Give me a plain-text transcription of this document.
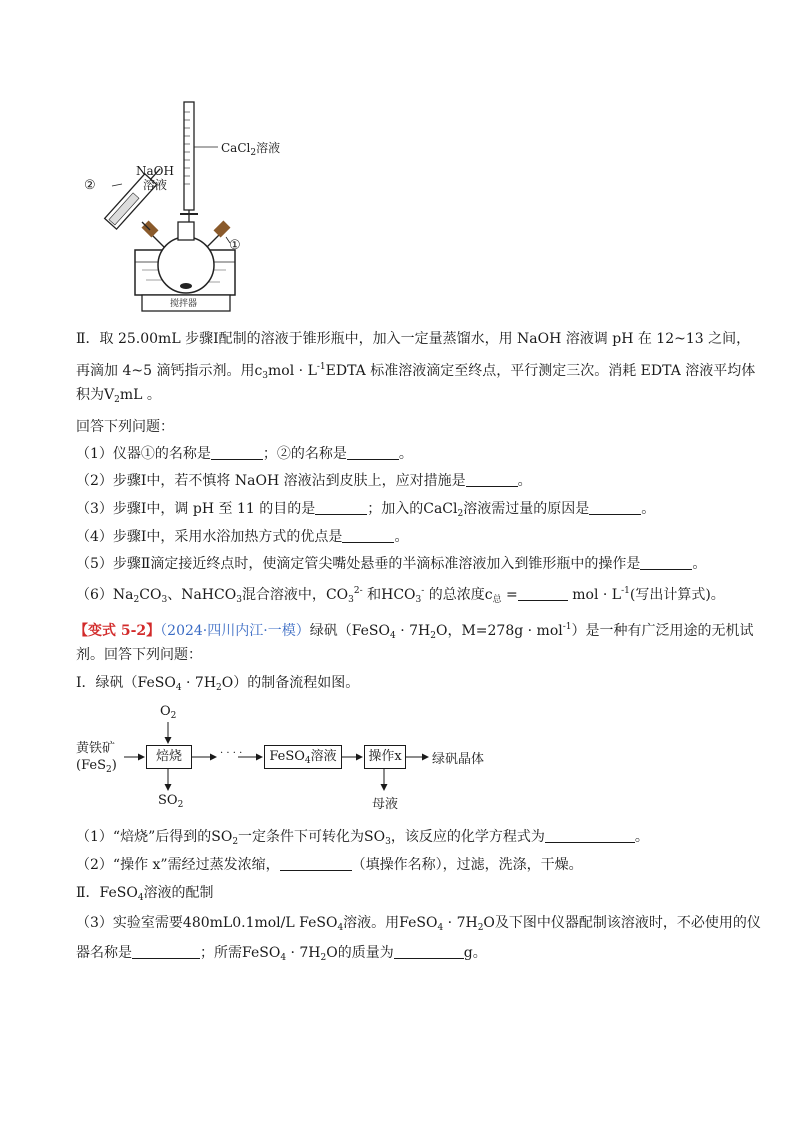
CaCl$_2$溶液
NaOH
溶液
②
①
搅拌器
Ⅱ．取 25.00mL 步骤Ⅰ配制的溶液于锥形瓶中，加入一定量蒸馏水，用 NaOH 溶液调 pH 在 12~13 之间，
再滴加 4~5 滴钙指示剂。用$c_3mol$ · $L^{-1}EDTA$ 标准溶液滴定至终点，平行测定三次。消耗 EDTA 溶液平均体
积为$V_2mL$ 。
回答下列问题：
（1）仪器①的名称是	；②的名称是	。
（2）步骤Ⅰ中，若不慎将 NaOH 溶液沾到皮肤上，应对措施是	。
（3）步骤Ⅰ中，调 pH 至 11 的目的是	；加入的CaCl$_2$溶液需过量的原因是	。
（4）步骤Ⅰ中，采用水浴加热方式的优点是	。
（5）步骤Ⅱ滴定接近终点时，使滴定管尖嘴处悬垂的半滴标准溶液加入到锥形瓶中的操作是	。
$(6)Na_2CO_3$、NaHCO$_3$混合溶液中，$CO_3^{2-}$ 和$HCO_3^-$ 的总浓度$c_总$ =	mol · $L^{-1}$(写出计算式)。
【变式 5-2】（2024·四川内江·一模）绿矾（FeSO$_4$ · $7H_2O$，M=278g · mol$^{-1}$）是一种有广泛用途的无机试
剂。回答下列问题：
I．绿矾（FeSO$_4$ · $7H_2O$）的制备流程如图。
$O_2$
黄铁矿
(FeS$_2$)
焙烧	· · · ·	FeSO$_4$溶液	操作x	绿矾晶体
$SO_2$	母液
（1）“焙烧”后得到的$SO_2$一定条件下可转化为$SO_3$，该反应的化学方程式为	。
（2）“操作 x”需经过蒸发浓缩，	（填操作名称），过滤，洗涤，干燥。
Ⅱ．FeSO$_4$溶液的配制
（3）实验室需要480mL0.1mol/L FeSO$_4$溶液。用FeSO$_4$ · $7H_2O$及下图中仪器配制该溶液时，不必使用的仪
器名称是	；所需FeSO$_4$ · $7H_2O$的质量为	g。
